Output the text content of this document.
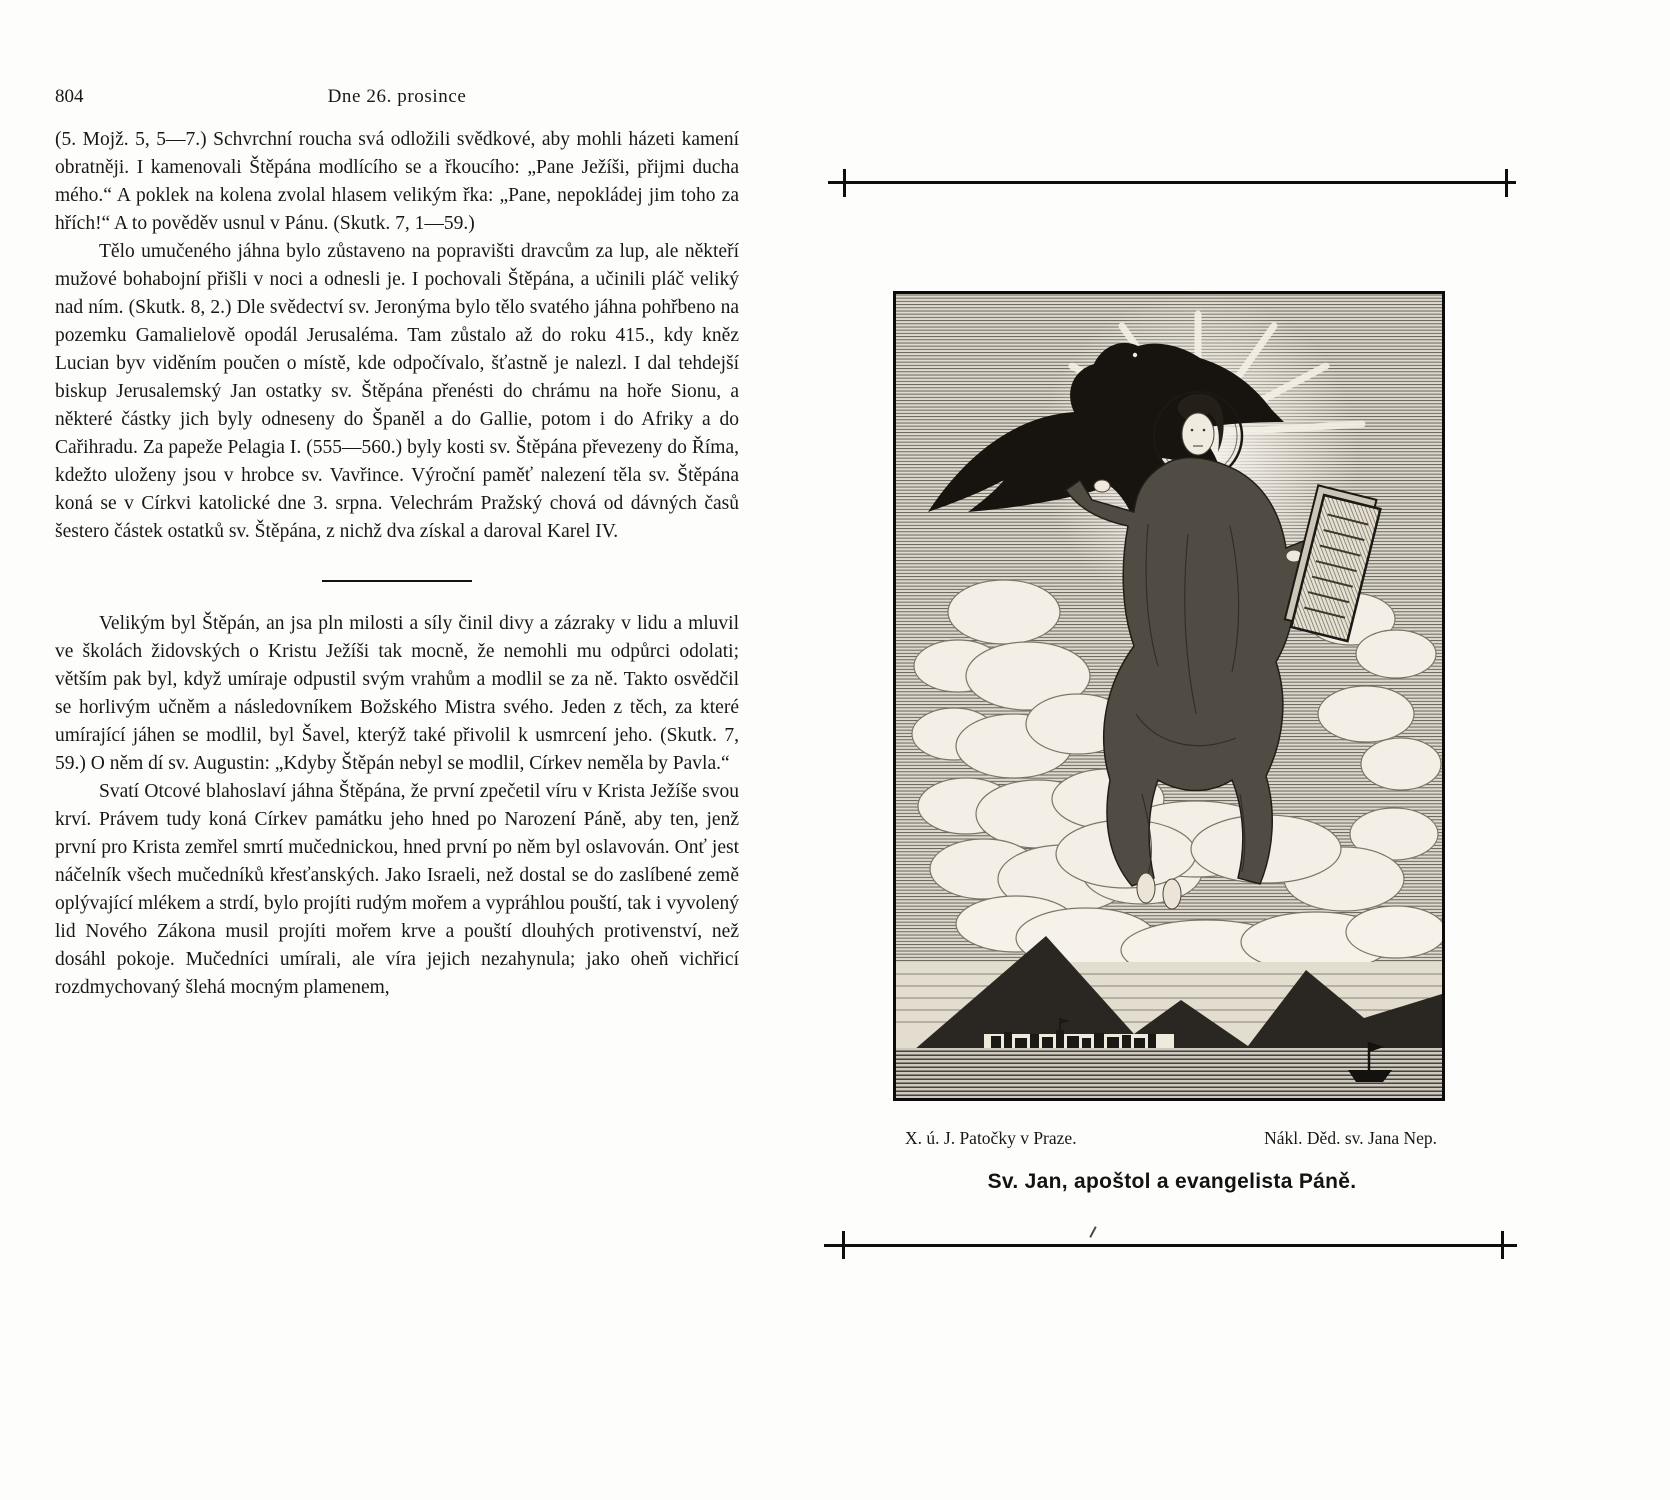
804	Dne 26. prosince

(5. Mojž. 5, 5—7.) Schvrchní roucha svá odložili svědkové, aby mohli házeti kamení obratněji. I kamenovali Štěpána modlícího se a řkoucího: „Pane Ježíši, přijmi ducha mého.“ A poklek na kolena zvolal hlasem velikým řka: „Pane, nepokládej jim toho za hřích!“ A to pověděv usnul v Pánu. (Skutk. 7, 1—59.)

Tělo umučeného jáhna bylo zůstaveno na popravišti dravcům za lup, ale někteří mužové bohabojní přišli v noci a odnesli je. I pochovali Štěpána, a učinili pláč veliký nad ním. (Skutk. 8, 2.) Dle svědectví sv. Jeronýma bylo tělo svatého jáhna pohřbeno na pozemku Gamalielově opodál Jerusaléma. Tam zůstalo až do roku 415., kdy kněz Lucian byv viděním poučen o místě, kde odpočívalo, šťastně je nalezl. I dal tehdejší biskup Jerusalemský Jan ostatky sv. Štěpána přenésti do chrámu na hoře Sionu, a některé částky jich byly odneseny do Španěl a do Gallie, potom i do Afriky a do Cařihradu. Za papeže Pelagia I. (555—560.) byly kosti sv. Štěpána převezeny do Říma, kdežto uloženy jsou v hrobce sv. Vavřince. Výroční paměť nalezení těla sv. Štěpána koná se v Církvi katolické dne 3. srpna. Velechrám Pražský chová od dávných časů šestero částek ostatků sv. Štěpána, z nichž dva získal a daroval Karel IV.

Velikým byl Štěpán, an jsa pln milosti a síly činil divy a zázraky v lidu a mluvil ve školách židovských o Kristu Ježíši tak mocně, že nemohli mu odpůrci odolati; větším pak byl, když umíraje odpustil svým vrahům a modlil se za ně. Takto osvědčil se horlivým učněm a následovníkem Božského Mistra svého. Jeden z těch, za které umírající jáhen se modlil, byl Šavel, kterýž také přivolil k usmrcení jeho. (Skutk. 7, 59.) O něm dí sv. Augustin: „Kdyby Štěpán nebyl se modlil, Církev neměla by Pavla.“

Svatí Otcové blahoslaví jáhna Štěpána, že první zpečetil víru v Krista Ježíše svou krví. Právem tudy koná Církev památku jeho hned po Narození Páně, aby ten, jenž první pro Krista zemřel smrtí mučednickou, hned první po něm byl oslavován. Onť jest náčelník všech mučedníků křesťanských. Jako Israeli, než dostal se do zaslíbené země oplývající mlékem a strdí, bylo projíti rudým mořem a vypráhlou pouští, tak i vyvolený lid Nového Zákona musil projíti mořem krve a pouští dlouhých protivenství, než dosáhl pokoje. Mučedníci umírali, ale víra jejich nezahynula; jako oheň vichřicí rozdmychovaný šlehá mocným plamenem,

X. ú. J. Patočky v Praze.	Nákl. Děd. sv. Jana Nep.
Sv. Jan, apoštol a evangelista Páně.
